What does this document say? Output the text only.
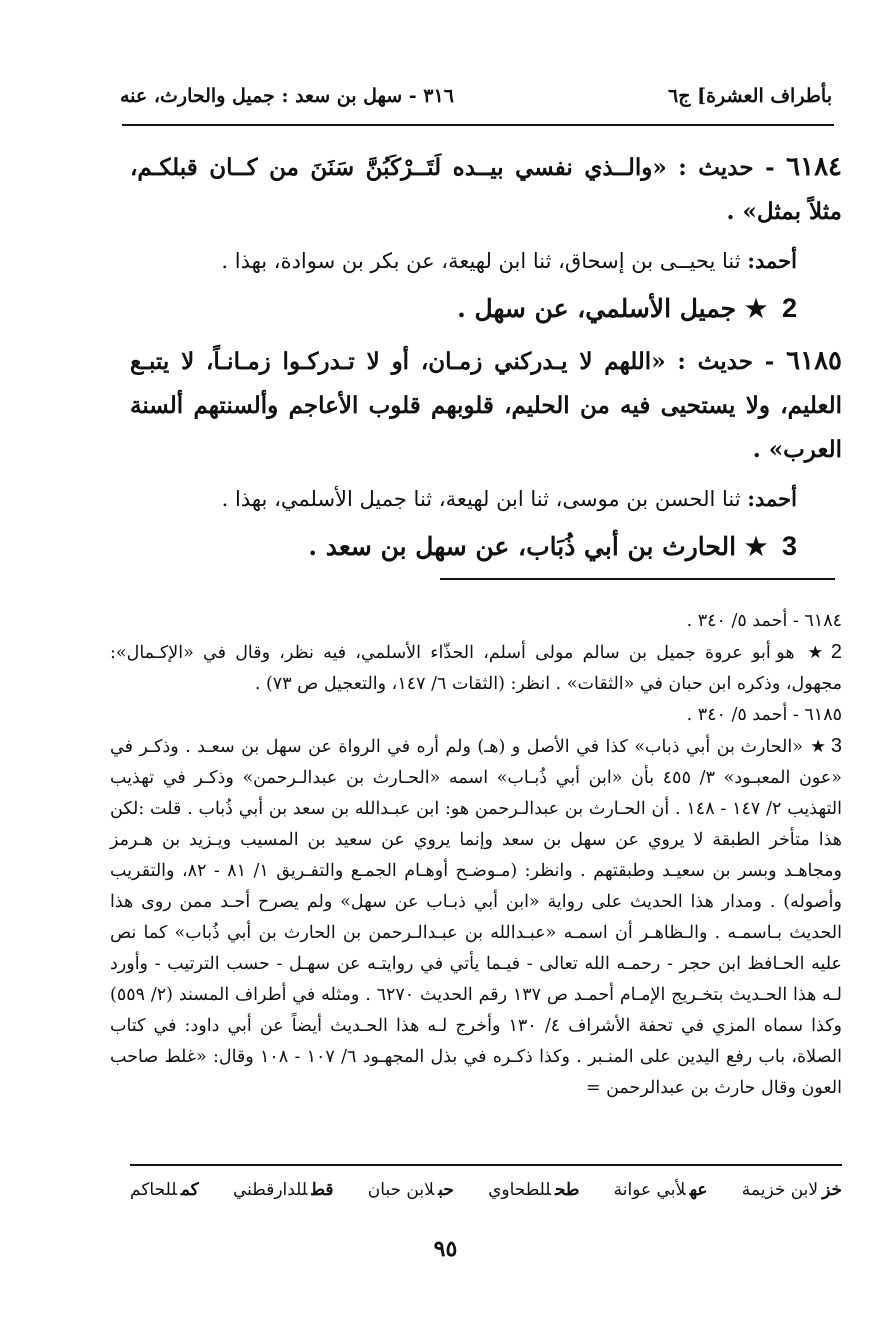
بأطراف العشرة] ج٦
٣١٦ - سهل بن سعد : جميل والحارث، عنه

٦١٨٤ - حديث : «والــذي نفسي بيــده لَتَــرْكَبُنَّ سَنَنَ من كــان قبلكـم، مثلاً بمثل» .

أحمد: ثنا يحيــى بن إسحاق، ثنا ابن لهيعة، عن بكر بن سوادة، بهذا .

2 ★ جميل الأسلمي، عن سهل .

٦١٨٥ - حديث : «اللهم لا يـدركني زمـان، أو لا تـدركـوا زمـانـاً، لا يتبـع العليم، ولا يستحيى فيه من الحليم، قلوبهم قلوب الأعاجم وألسنتهم ألسنة العرب» .

أحمد: ثنا الحسن بن موسى، ثنا ابن لهيعة، ثنا جميل الأسلمي، بهذا .

3 ★ الحارث بن أبي ذُبَاب، عن سهل بن سعد .

٦١٨٤ - أحمد ٥/ ٣٤٠ .

2★ هو أبو عروة جميل بن سالم مولى أسلم، الحذّاء الأسلمي، فيه نظر، وقال في «الإكـمال»: مجهول، وذكره ابن حبان في «الثقات» . انظر: (الثقات ٦/ ١٤٧، والتعجيل ص ٧٣) .

٦١٨٥ - أحمد ٥/ ٣٤٠ .

3★ «الحارث بن أبي ذباب» كذا في الأصل و (هـ) ولم أره في الرواة عن سهل بن سعـد . وذكـر في «عون المعبـود» ٣/ ٤٥٥ بأن «ابن أبي ذُبـاب» اسمه «الحـارث بن عبدالـرحمن» وذكـر في تهذيب التهذيب ٢/ ١٤٧ - ١٤٨ . أن الحـارث بن عبدالـرحمن هو: ابن عبـدالله بن سعد بن أبي ذُباب . قلت :لكن هذا متأخر الطبقة لا يروي عن سهل بن سعد وإنما يروي عن سعيد بن المسيب ويـزيد بن هـرمز ومجاهـد وبسر بن سعيـد وطبقتهم . وانظر: (مـوضـح أوهـام الجمـع والتفـريق ١/ ٨١ - ٨٢، والتقريب وأصوله) . ومدار هذا الحديث على رواية «ابن أبي ذبـاب عن سهل» ولم يصرح أحـد ممن روى هذا الحديث بـاسمـه . والـظاهـر أن اسمـه «عبـدالله بن عبـدالـرحمن بن الحارث بن أبي ذُباب» كما نص عليه الحـافظ ابن حجر - رحمـه الله تعالى - فيـما يأتي في روايتـه عن سهـل - حسب الترتيب - وأورد لـه هذا الحـديث بتخـريج الإمـام أحمـد ص ١٣٧ رقم الحديث ٦٢٧٠ . ومثله في أطراف المسند (٢/ ٥٥٩) وكذا سماه المزي في تحفة الأشراف ٤/ ١٣٠ وأخرج لـه هذا الحـديث أيضاً عن أبي داود: في كتاب الصلاة، باب رفع اليدين على المنـبر . وكذا ذكـره في بذل المجهـود ٦/ ١٠٧ - ١٠٨ وقال: «غلط صاحب العون وقال حارث بن عبدالرحمن =

خزلابن خزيمة
عهلأبي عوانة
طحللطحاوي
حبلابن حبان
قطللدارقطني
كمللحاكم
٩٥
